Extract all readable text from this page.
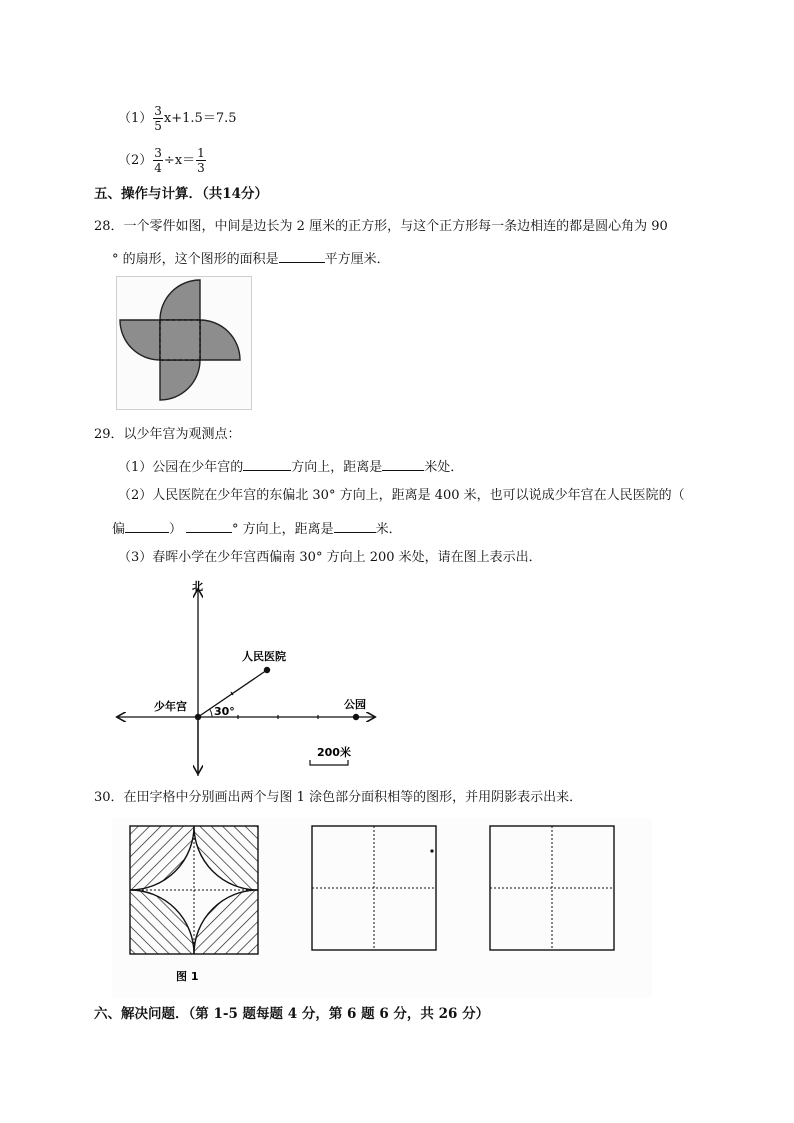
$(1) \frac{3}{5} x+1.5=7.5$
$(2) \frac{3}{4} \div x= \frac{1}{3}$
五、操作与计算．（共14分）
28．一个零件如图，中间是边长为 2 厘米的正方形，与这个正方形每一条边相连的都是圆心角为 90
° 的扇形，这个图形的面积是	平方厘米．
29．以少年宫为观测点：
（1）公园在少年宫的	方向上，距离是	米处．
（2）人民医院在少年宫的东偏北 30° 方向上，距离是 400 米，也可以说成少年宫在人民医院的（
偏	）	° 方向上，距离是	米．
（3）春晖小学在少年宫西偏南 30° 方向上 200 米处，请在图上表示出．
北
人民医院
少年宫	公园
30°
200米
30．在田字格中分别画出两个与图 1 涂色部分面积相等的图形，并用阴影表示出来．
图 1
六、解决问题．（第 1-5 题每题 4 分，第 6 题 6 分，共 26 分）
